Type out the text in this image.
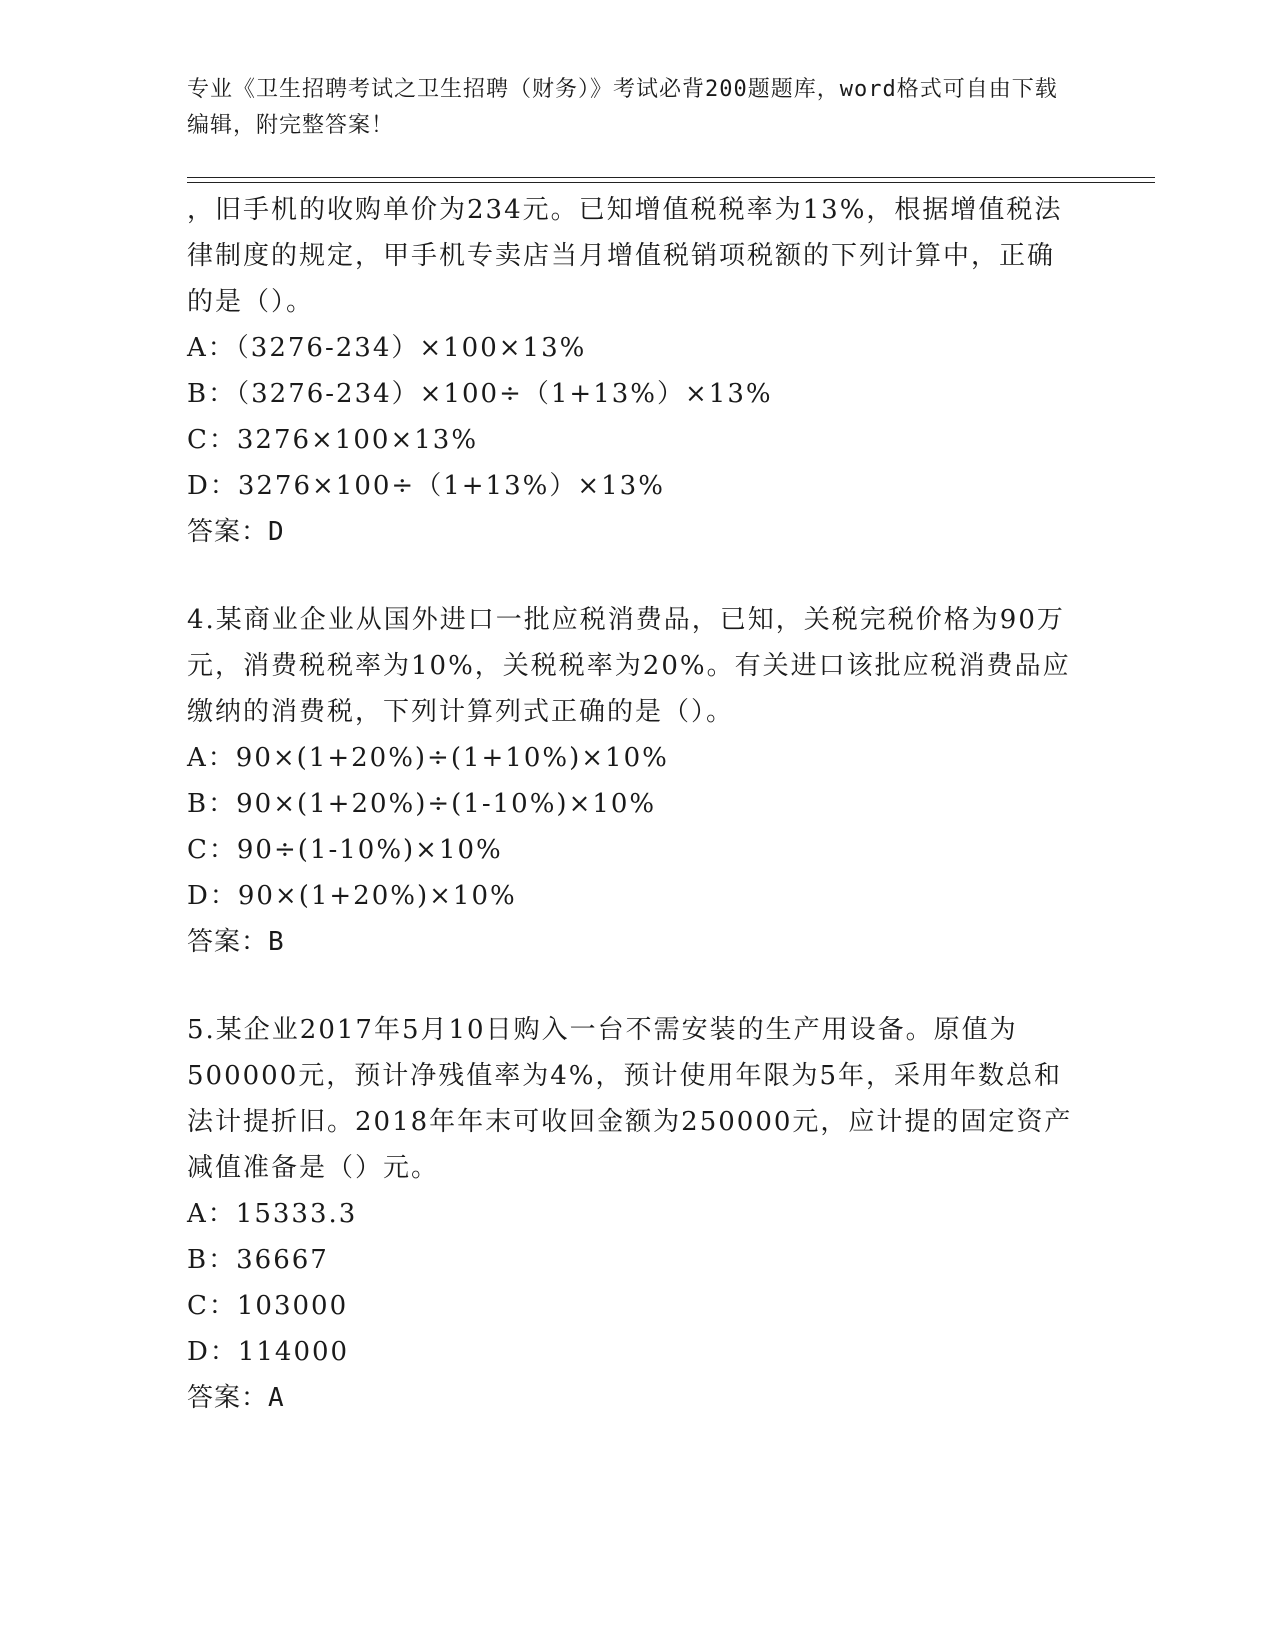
专业《卫生招聘考试之卫生招聘（财务）》考试必背200题题库，word格式可自由下载编辑，附完整答案！

，旧手机的收购单价为234元。已知增值税税率为13%，根据增值税法律制度的规定，甲手机专卖店当月增值税销项税额的下列计算中，正确的是（）。

A：（3276-234）×100×13%

B：（3276-234）×100÷（1+13%）×13%

C：3276×100×13%

D：3276×100÷（1+13%）×13%

答案：D

4.某商业企业从国外进口一批应税消费品，已知，关税完税价格为90万元，消费税税率为10%，关税税率为20%。有关进口该批应税消费品应缴纳的消费税，下列计算列式正确的是（）。

A：90×(1+20%)÷(1+10%)×10%

B：90×(1+20%)÷(1-10%)×10%

C：90÷(1-10%)×10%

D：90×(1+20%)×10%

答案：B

5.某企业2017年5月10日购入一台不需安装的生产用设备。原值为500000元，预计净残值率为4%，预计使用年限为5年，采用年数总和法计提折旧。2018年年末可收回金额为250000元，应计提的固定资产减值准备是（）元。

A：15333.3

B：36667

C：103000

D：114000

答案：A
